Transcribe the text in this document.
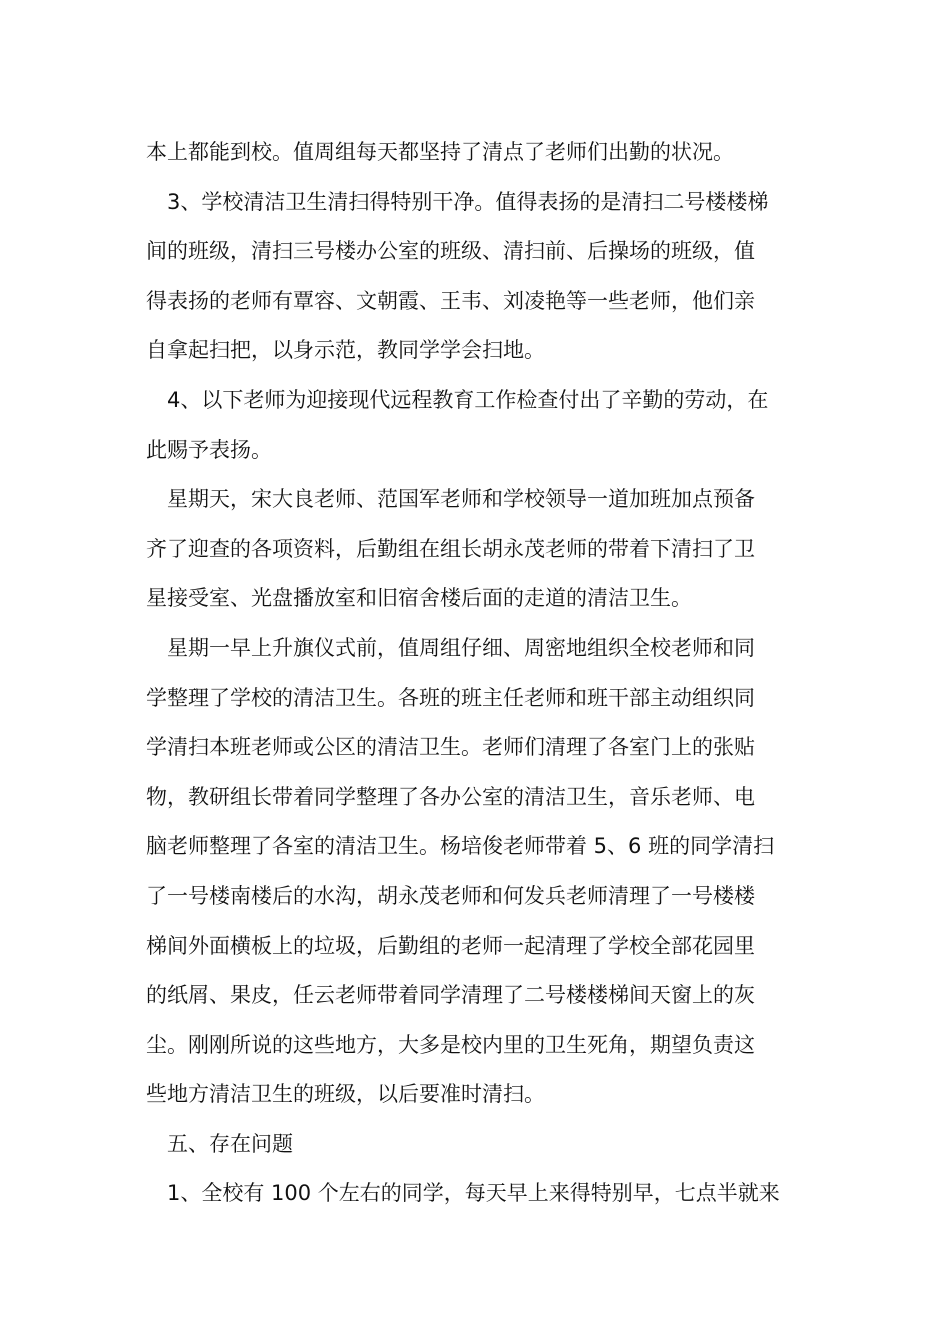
本上都能到校。值周组每天都坚持了清点了老师们出勤的状况。
3、学校清洁卫生清扫得特别干净。值得表扬的是清扫二号楼楼梯
间的班级，清扫三号楼办公室的班级、清扫前、后操场的班级，值
得表扬的老师有覃容、文朝霞、王韦、刘凌艳等一些老师，他们亲
自拿起扫把，以身示范，教同学学会扫地。
4、以下老师为迎接现代远程教育工作检查付出了辛勤的劳动，在
此赐予表扬。
星期天，宋大良老师、范国军老师和学校领导一道加班加点预备
齐了迎查的各项资料，后勤组在组长胡永茂老师的带着下清扫了卫
星接受室、光盘播放室和旧宿舍楼后面的走道的清洁卫生。
星期一早上升旗仪式前，值周组仔细、周密地组织全校老师和同
学整理了学校的清洁卫生。各班的班主任老师和班干部主动组织同
学清扫本班老师或公区的清洁卫生。老师们清理了各室门上的张贴
物，教研组长带着同学整理了各办公室的清洁卫生，音乐老师、电
脑老师整理了各室的清洁卫生。杨培俊老师带着 5、6 班的同学清扫
了一号楼南楼后的水沟，胡永茂老师和何发兵老师清理了一号楼楼
梯间外面横板上的垃圾，后勤组的老师一起清理了学校全部花园里
的纸屑、果皮，任云老师带着同学清理了二号楼楼梯间天窗上的灰
尘。刚刚所说的这些地方，大多是校内里的卫生死角，期望负责这
些地方清洁卫生的班级，以后要准时清扫。
五、存在问题
1、全校有 100 个左右的同学，每天早上来得特别早，七点半就来
